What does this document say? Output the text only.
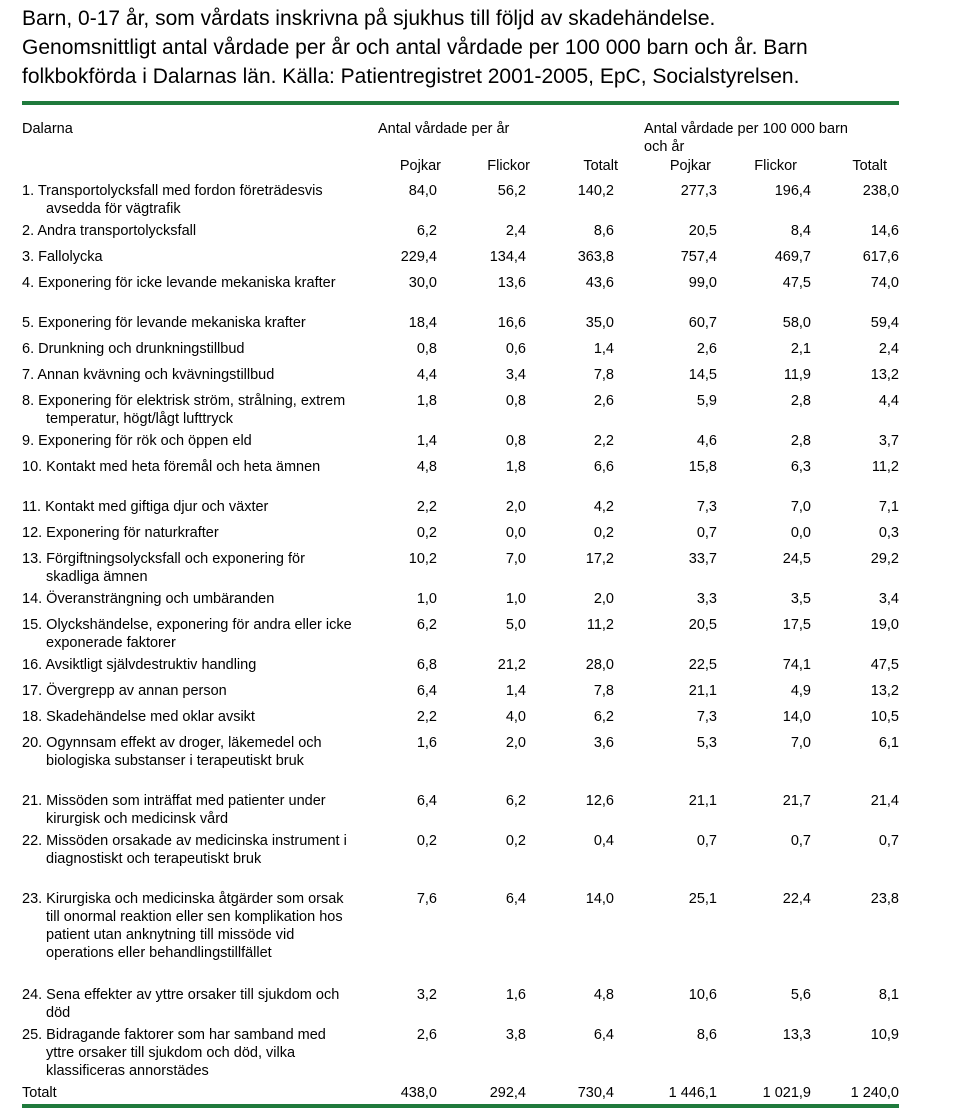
Barn, 0-17 år, som vårdats inskrivna på sjukhus till följd av skadehändelse.
Genomsnittligt antal vårdade per år och antal vårdade per 100 000 barn och år. Barn
folkbokförda i Dalarnas län. Källa: Patientregistret 2001-2005, EpC, Socialstyrelsen.
Dalarna	Antal vårdade per år	Antal vårdade per 100 000 barn
och år
Pojkar	Flickor	Totalt	Pojkar	Flickor	Totalt
1. Transportolycksfall med fordon företrädesvis avsedda för vägtrafik	84,0	56,2	140,2	277,3	196,4	238,0

2. Andra transportolycksfall	6,2	2,4	8,6	20,5	8,4	14,6

3. Fallolycka	229,4	134,4	363,8	757,4	469,7	617,6

4. Exponering för icke levande mekaniska krafter	30,0	13,6	43,6	99,0	47,5	74,0

5. Exponering för levande mekaniska krafter	18,4	16,6	35,0	60,7	58,0	59,4

6. Drunkning och drunkningstillbud	0,8	0,6	1,4	2,6	2,1	2,4

7. Annan kvävning och kvävningstillbud	4,4	3,4	7,8	14,5	11,9	13,2

8. Exponering för elektrisk ström, strålning, extrem temperatur, högt/lågt lufttryck	1,8	0,8	2,6	5,9	2,8	4,4

9. Exponering för rök och öppen eld	1,4	0,8	2,2	4,6	2,8	3,7

10. Kontakt med heta föremål och heta ämnen	4,8	1,8	6,6	15,8	6,3	11,2

11. Kontakt med giftiga djur och växter	2,2	2,0	4,2	7,3	7,0	7,1

12. Exponering för naturkrafter	0,2	0,0	0,2	0,7	0,0	0,3

13. Förgiftningsolycksfall och exponering för skadliga ämnen	10,2	7,0	17,2	33,7	24,5	29,2

14. Överansträngning och umbäranden	1,0	1,0	2,0	3,3	3,5	3,4

15. Olyckshändelse, exponering för andra eller icke exponerade faktorer	6,2	5,0	11,2	20,5	17,5	19,0

16. Avsiktligt självdestruktiv handling	6,8	21,2	28,0	22,5	74,1	47,5

17. Övergrepp av annan person	6,4	1,4	7,8	21,1	4,9	13,2

18. Skadehändelse med oklar avsikt	2,2	4,0	6,2	7,3	14,0	10,5

20. Ogynnsam effekt av droger, läkemedel och biologiska substanser i terapeutiskt bruk	1,6	2,0	3,6	5,3	7,0	6,1

21. Missöden som inträffat med patienter under kirurgisk och medicinsk vård	6,4	6,2	12,6	21,1	21,7	21,4

22. Missöden orsakade av medicinska instrument i diagnostiskt och terapeutiskt bruk	0,2	0,2	0,4	0,7	0,7	0,7

23. Kirurgiska och medicinska åtgärder som orsak till onormal reaktion eller sen komplikation hos patient utan anknytning till missöde vid operations eller behandlingstillfället	7,6	6,4	14,0	25,1	22,4	23,8

24. Sena effekter av yttre orsaker till sjukdom och död	3,2	1,6	4,8	10,6	5,6	8,1

25. Bidragande faktorer som har samband med yttre orsaker till sjukdom och död, vilka klassificeras annorstädes	2,6	3,8	6,4	8,6	13,3	10,9
Totalt	438,0	292,4	730,4	1 446,1	1 021,9	1 240,0
